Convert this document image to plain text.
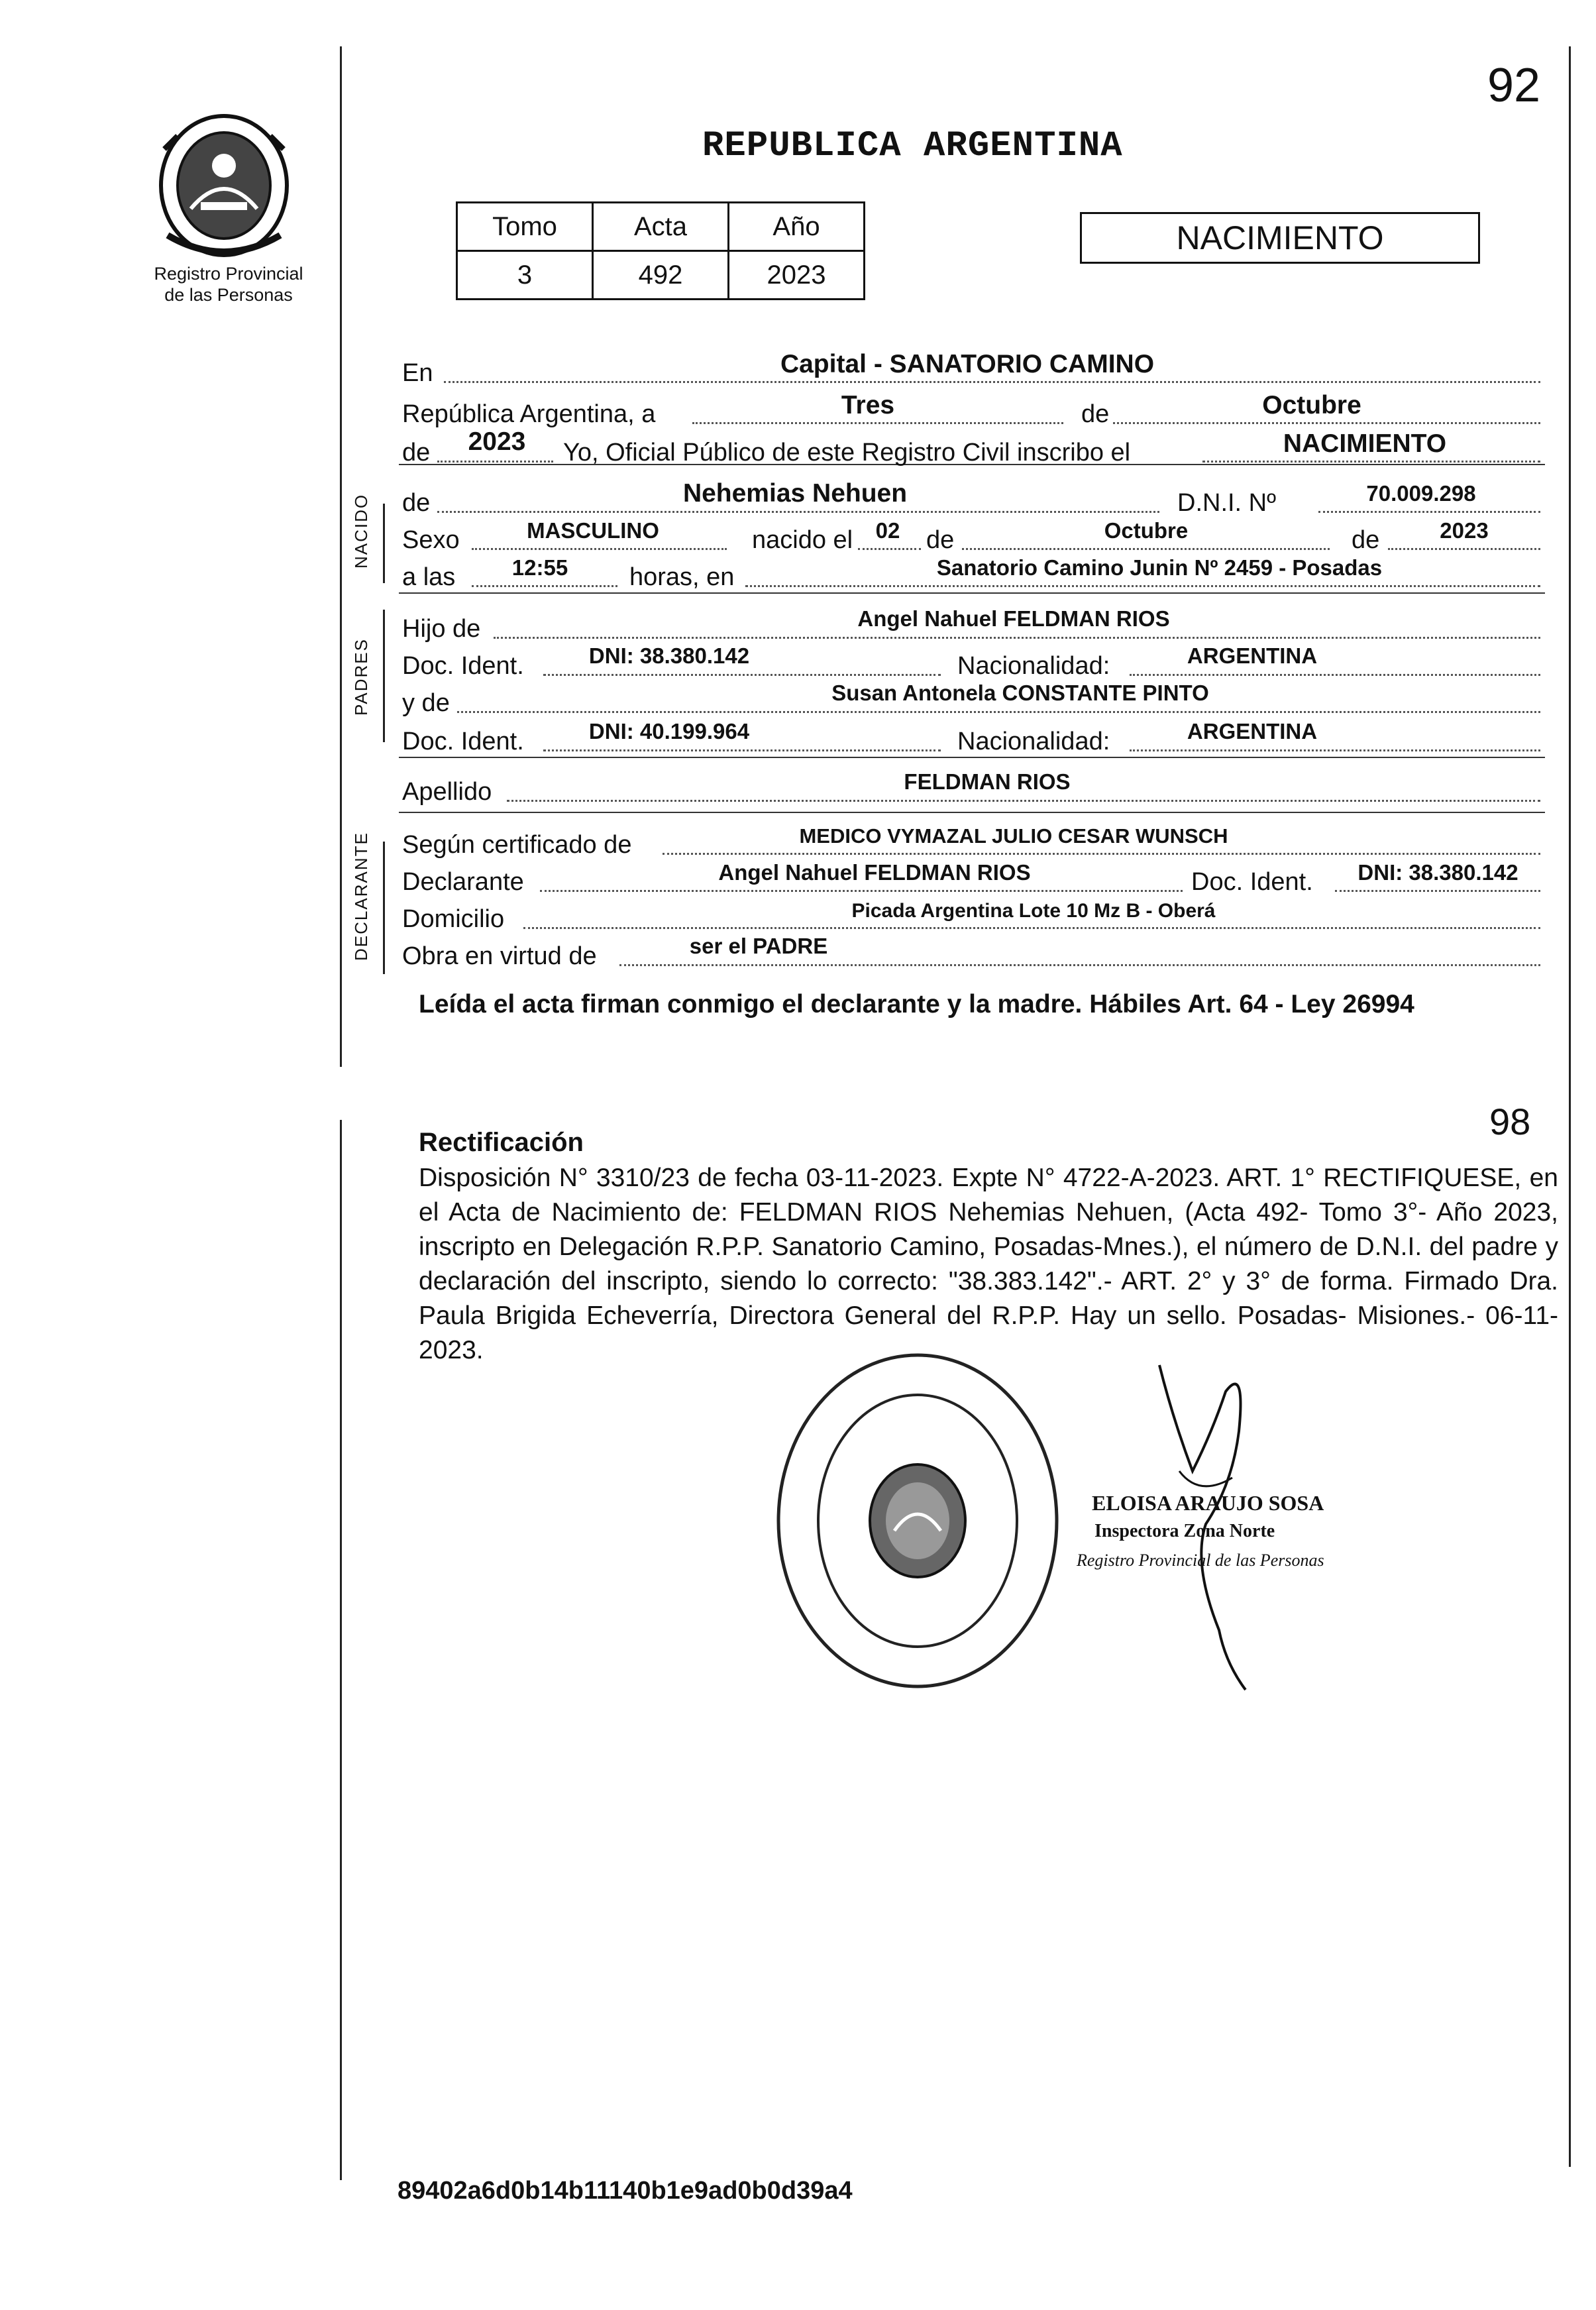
92
Registro Provincial
de las Personas
REPUBLICA ARGENTINA
Tomo	Acta	Año
3	492	2023
NACIMIENTO
NACIDO
PADRES
DECLARANTE
En	Capital - SANATORIO CAMINO
República Argentina, a	Tres	de	Octubre
de	2023	Yo, Oficial Público de este Registro Civil inscribo el	NACIMIENTO
de	Nehemias Nehuen	D.N.I. Nº	70.009.298
Sexo	MASCULINO	nacido el	02	de	Octubre	de	2023
a las	12:55	horas, en	Sanatorio Camino Junin Nº 2459 - Posadas
Hijo de	Angel Nahuel FELDMAN RIOS
Doc. Ident.	DNI: 38.380.142	Nacionalidad:	ARGENTINA
y de	Susan Antonela CONSTANTE PINTO
Doc. Ident.	DNI: 40.199.964	Nacionalidad:	ARGENTINA
Apellido	FELDMAN RIOS
Según certificado de	MEDICO VYMAZAL JULIO CESAR WUNSCH
Declarante	Angel Nahuel FELDMAN RIOS	Doc. Ident.	DNI: 38.380.142
Domicilio	Picada Argentina Lote 10 Mz B - Oberá
Obra en virtud de	ser el PADRE
Leída el acta firman conmigo el declarante y la madre. Hábiles Art. 64 - Ley 26994
98
Rectificación
Disposición N° 3310/23 de fecha 03-11-2023. Expte N° 4722-A-2023. ART. 1° RECTIFIQUESE, en el Acta de Nacimiento de: FELDMAN RIOS Nehemias Nehuen, (Acta 492- Tomo 3°- Año 2023, inscripto en Delegación R.P.P. Sanatorio Camino, Posadas-Mnes.), el número de D.N.I. del padre y declaración del inscripto, siendo lo correcto: "38.383.142".- ART. 2° y 3° de forma. Firmado Dra. Paula Brigida Echeverría, Directora General del R.P.P. Hay un sello. Posadas- Misiones.- 06-11-2023.
ELOISA ARAUJO SOSA
Inspectora Zona Norte
Registro Provincial de las Personas
89402a6d0b14b11140b1e9ad0b0d39a4
